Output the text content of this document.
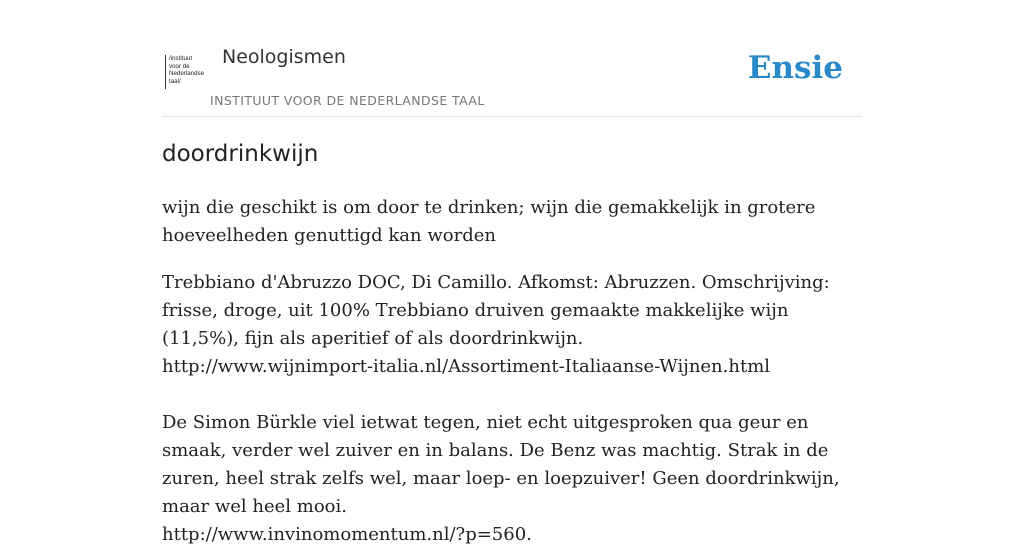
/instituut
voor de
Nederlandse
taal/
Neologismen
INSTITUUT VOOR DE NEDERLANDSE TAAL
Ensie
doordrinkwijn

wijn die geschikt is om door te drinken; wijn die gemakkelijk in grotere hoeveelheden genuttigd kan worden

Trebbiano d'Abruzzo DOC, Di Camillo. Afkomst: Abruzzen. Omschrijving: frisse, droge, uit 100% Trebbiano druiven gemaakte makkelijke wijn (11,5%), fijn als aperitief of als doordrinkwijn.
http://www.wijnimport-italia.nl/Assortiment-Italiaanse-Wijnen.html
De Simon Bürkle viel ietwat tegen, niet echt uitgesproken qua geur en smaak, verder wel zuiver en in balans. De Benz was machtig. Strak in de zuren, heel strak zelfs wel, maar loep- en loepzuiver! Geen doordrinkwijn, maar wel heel mooi.
http://www.invinomomentum.nl/?p=560.
